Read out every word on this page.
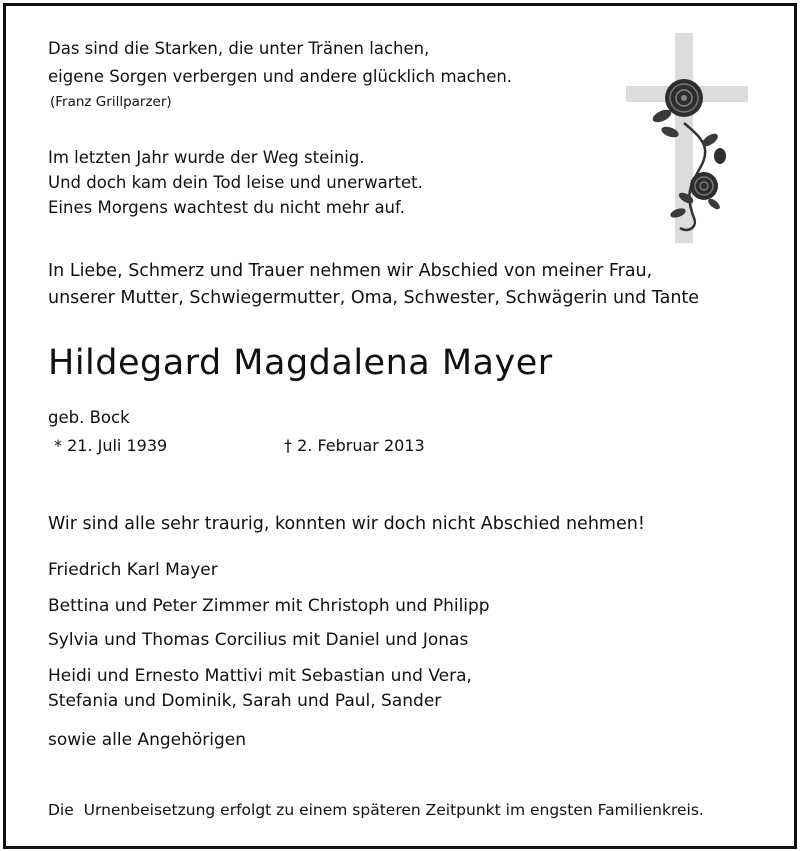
Das sind die Starken, die unter Tränen lachen,
eigene Sorgen verbergen und andere glücklich machen.
(Franz Grillparzer)
Im letzten Jahr wurde der Weg steinig.
Und doch kam dein Tod leise und unerwartet.
Eines Morgens wachtest du nicht mehr auf.
In Liebe, Schmerz und Trauer nehmen wir Abschied von meiner Frau,
unserer Mutter, Schwiegermutter, Oma, Schwester, Schwägerin und Tante
Hildegard Magdalena Mayer
geb. Bock
* 21. Juli 1939	† 2. Februar 2013
Wir sind alle sehr traurig, konnten wir doch nicht Abschied nehmen!
Friedrich Karl Mayer
Bettina und Peter Zimmer mit Christoph und Philipp
Sylvia und Thomas Corcilius mit Daniel und Jonas
Heidi und Ernesto Mattivi mit Sebastian und Vera,
Stefania und Dominik, Sarah und Paul, Sander
sowie alle Angehörigen
Die  Urnenbeisetzung erfolgt zu einem späteren Zeitpunkt im engsten Familienkreis.
